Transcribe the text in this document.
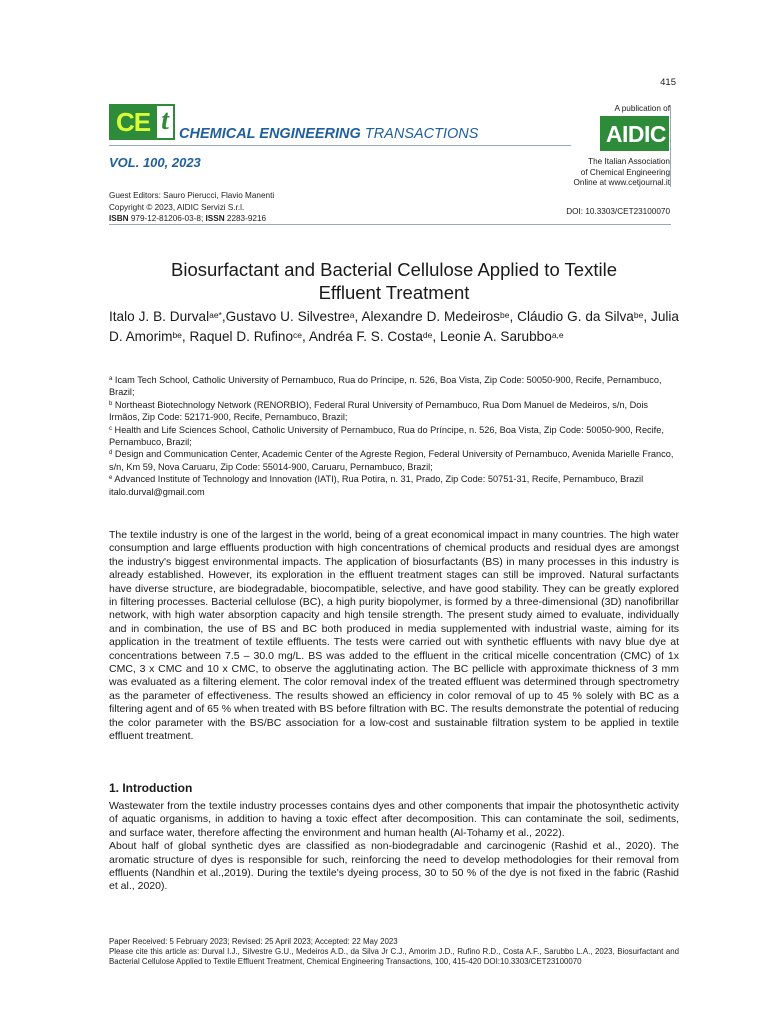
415
CE t CHEMICAL ENGINEERING TRANSACTIONS
VOL. 100, 2023
Guest Editors: Sauro Pierucci, Flavio Manenti
Copyright © 2023, AIDIC Servizi S.r.l.
ISBN 979-12-81206-03-8; ISSN 2283-9216
A publication of
AIDIC
The Italian Association
of Chemical Engineering
Online at www.cetjournal.it
DOI: 10.3303/CET23100070
Biosurfactant and Bacterial Cellulose Applied to Textile
Effluent Treatment
Italo J. B. Durval$^{ae*}$,Gustavo U. Silvestre$^a$, Alexandre D. Medeiros$^{be}$, Cláudio G. da Silva$^{be}$, Julia D. Amorim$^{be}$, Raquel D. Rufino$^{ce}$, Andréa F. S. Costa$^{de}$, Leonie A. Sarubbo$^{a,e}$
$^a$ Icam Tech School, Catholic University of Pernambuco, Rua do Príncipe, n. 526, Boa Vista, Zip Code: 50050-900, Recife, Pernambuco, Brazil;
$^b$ Northeast Biotechnology Network (RENORBIO), Federal Rural University of Pernambuco, Rua Dom Manuel de Medeiros, s/n, Dois Irmãos, Zip Code: 52171-900, Recife, Pernambuco, Brazil;
$^c$ Health and Life Sciences School, Catholic University of Pernambuco, Rua do Príncipe, n. 526, Boa Vista, Zip Code: 50050-900, Recife, Pernambuco, Brazil;
$^d$ Design and Communication Center, Academic Center of the Agreste Region, Federal University of Pernambuco, Avenida Marielle Franco, s/n, Km 59, Nova Caruaru, Zip Code: 55014-900, Caruaru, Pernambuco, Brazil;
$^e$ Advanced Institute of Technology and Innovation (IATI), Rua Potira, n. 31, Prado, Zip Code: 50751-31, Recife, Pernambuco, Brazil
italo.durval@gmail.com
The textile industry is one of the largest in the world, being of a great economical impact in many countries. The high water consumption and large effluents production with high concentrations of chemical products and residual dyes are amongst the industry's biggest environmental impacts. The application of biosurfactants (BS) in many processes in this industry is already established. However, its exploration in the effluent treatment stages can still be improved. Natural surfactants have diverse structure, are biodegradable, biocompatible, selective, and have good stability. They can be greatly explored in filtering processes. Bacterial cellulose (BC), a high purity biopolymer, is formed by a three-dimensional (3D) nanofibrillar network, with high water absorption capacity and high tensile strength. The present study aimed to evaluate, individually and in combination, the use of BS and BC both produced in media supplemented with industrial waste, aiming for its application in the treatment of textile effluents. The tests were carried out with synthetic effluents with navy blue dye at concentrations between 7.5 – 30.0 mg/L. BS was added to the effluent in the critical micelle concentration (CMC) of 1x CMC, 3 x CMC and 10 x CMC, to observe the agglutinating action. The BC pellicle with approximate thickness of 3 mm was evaluated as a filtering element. The color removal index of the treated effluent was determined through spectrometry as the parameter of effectiveness. The results showed an efficiency in color removal of up to 45 % solely with BC as a filtering agent and of 65 % when treated with BS before filtration with BC. The results demonstrate the potential of reducing the color parameter with the BS/BC association for a low-cost and sustainable filtration system to be applied in textile effluent treatment.
1. Introduction

Wastewater from the textile industry processes contains dyes and other components that impair the photosynthetic activity of aquatic organisms, in addition to having a toxic effect after decomposition. This can contaminate the soil, sediments, and surface water, therefore affecting the environment and human health (Al-Tohamy et al., 2022).

About half of global synthetic dyes are classified as non-biodegradable and carcinogenic (Rashid et al., 2020). The aromatic structure of dyes is responsible for such, reinforcing the need to develop methodologies for their removal from effluents (Nandhin et al.,2019). During the textile's dyeing process, 30 to 50 % of the dye is not fixed in the fabric (Rashid et al., 2020).

Paper Received: 5 February 2023; Revised: 25 April 2023; Accepted: 22 May 2023
Please cite this article as: Durval I.J., Silvestre G.U., Medeiros A.D., da Silva Jr C.J., Amorim J.D., Rufino R.D., Costa A.F., Sarubbo L.A., 2023, Biosurfactant and Bacterial Cellulose Applied to Textile Effluent Treatment, Chemical Engineering Transactions, 100, 415-420 DOI:10.3303/CET23100070
